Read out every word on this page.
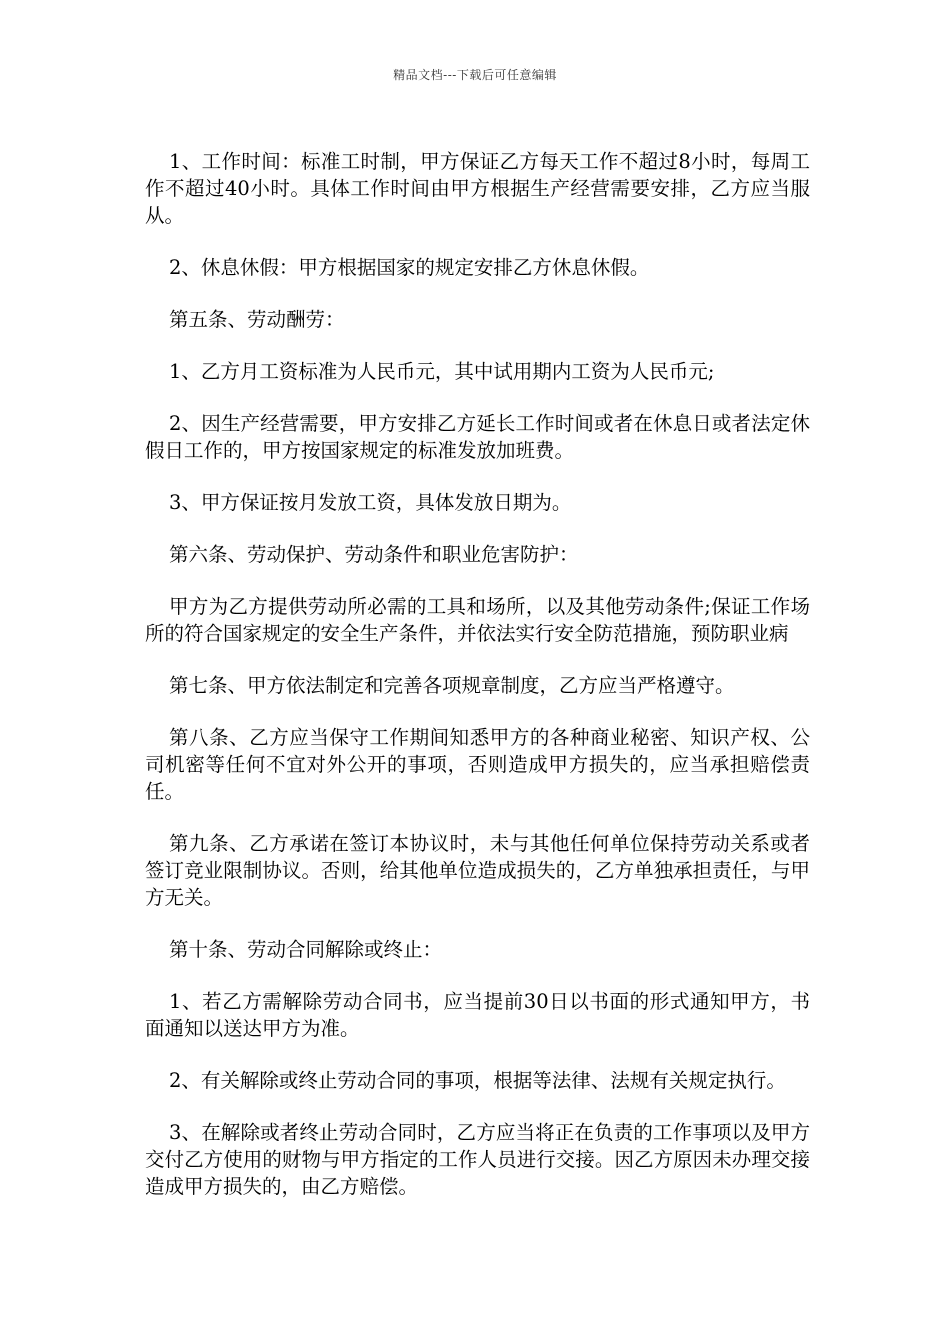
精品文档---下载后可任意编辑

1、工作时间：标准工时制，甲方保证乙方每天工作不超过8小时，每周工作不超过40小时。具体工作时间由甲方根据生产经营需要安排，乙方应当服从。

2、休息休假：甲方根据国家的规定安排乙方休息休假。

第五条、劳动酬劳：

1、乙方月工资标准为人民币元，其中试用期内工资为人民币元;

2、因生产经营需要，甲方安排乙方延长工作时间或者在休息日或者法定休假日工作的，甲方按国家规定的标准发放加班费。

3、甲方保证按月发放工资，具体发放日期为。

第六条、劳动保护、劳动条件和职业危害防护：

甲方为乙方提供劳动所必需的工具和场所，以及其他劳动条件;保证工作场所的符合国家规定的安全生产条件，并依法实行安全防范措施，预防职业病

第七条、甲方依法制定和完善各项规章制度，乙方应当严格遵守。

第八条、乙方应当保守工作期间知悉甲方的各种商业秘密、知识产权、公司机密等任何不宜对外公开的事项，否则造成甲方损失的，应当承担赔偿责任。

第九条、乙方承诺在签订本协议时，未与其他任何单位保持劳动关系或者签订竞业限制协议。否则，给其他单位造成损失的，乙方单独承担责任，与甲方无关。

第十条、劳动合同解除或终止：

1、若乙方需解除劳动合同书，应当提前30日以书面的形式通知甲方，书面通知以送达甲方为准。

2、有关解除或终止劳动合同的事项，根据等法律、法规有关规定执行。

3、在解除或者终止劳动合同时，乙方应当将正在负责的工作事项以及甲方交付乙方使用的财物与甲方指定的工作人员进行交接。因乙方原因未办理交接造成甲方损失的，由乙方赔偿。
